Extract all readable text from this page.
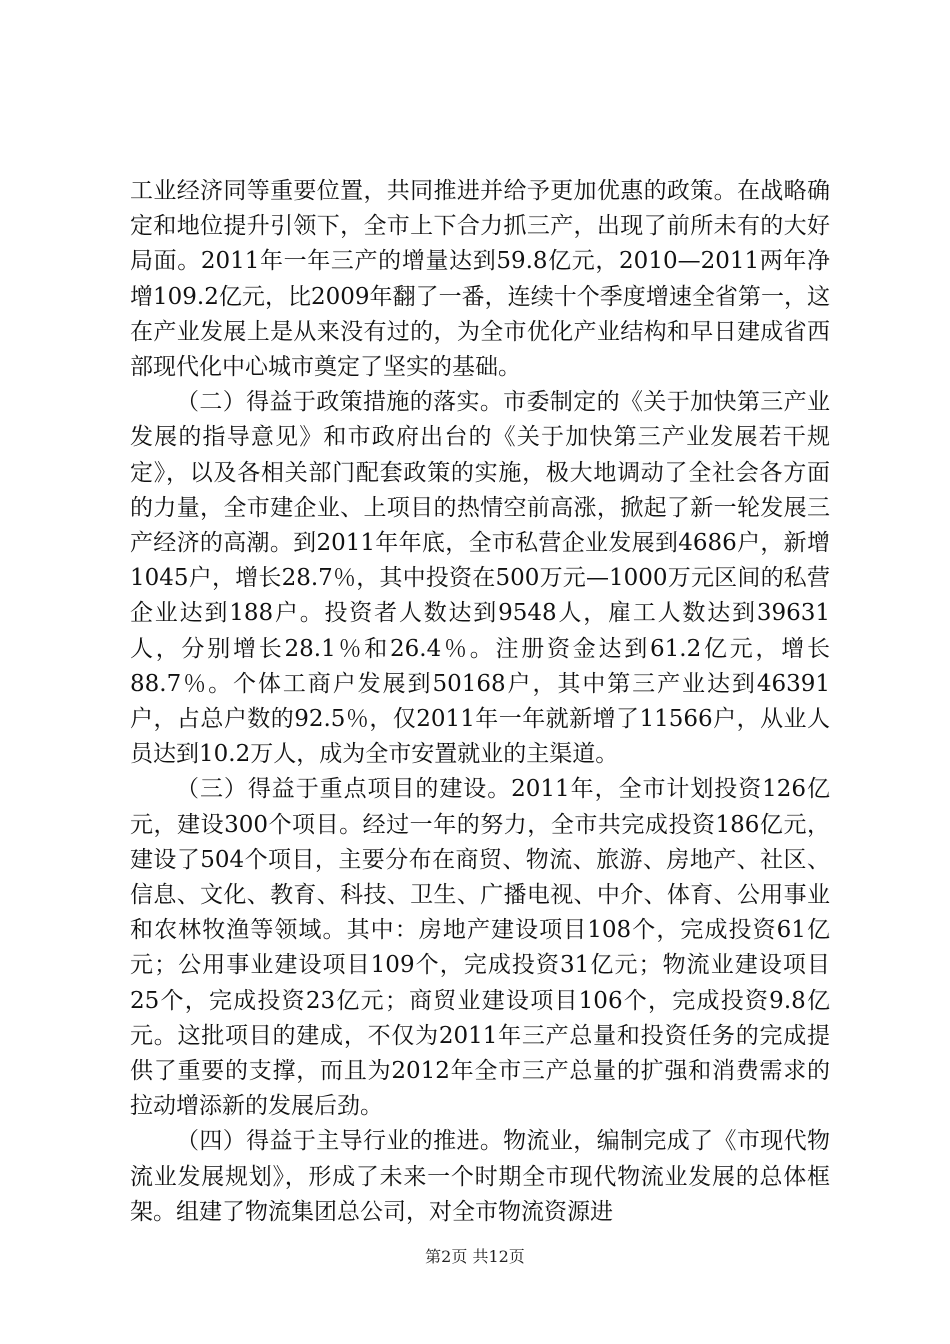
工业经济同等重要位置，共同推进并给予更加优惠的政策。在战略确定和地位提升引领下，全市上下合力抓三产，出现了前所未有的大好局面。2011年一年三产的增量达到59.8亿元，2010—2011两年净增109.2亿元，比2009年翻了一番，连续十个季度增速全省第一，这在产业发展上是从来没有过的，为全市优化产业结构和早日建成省西部现代化中心城市奠定了坚实的基础。

（二）得益于政策措施的落实。市委制定的《关于加快第三产业发展的指导意见》和市政府出台的《关于加快第三产业发展若干规定》，以及各相关部门配套政策的实施，极大地调动了全社会各方面的力量，全市建企业、上项目的热情空前高涨，掀起了新一轮发展三产经济的高潮。到2011年年底，全市私营企业发展到4686户，新增1045户，增长28.7％，其中投资在500万元—1000万元区间的私营企业达到188户。投资者人数达到9548人，雇工人数达到39631人，分别增长28.1％和26.4％。注册资金达到61.2亿元，增长88.7％。个体工商户发展到50168户，其中第三产业达到46391户，占总户数的92.5％，仅2011年一年就新增了11566户，从业人员达到10.2万人，成为全市安置就业的主渠道。

（三）得益于重点项目的建设。2011年，全市计划投资126亿元，建设300个项目。经过一年的努力，全市共完成投资186亿元，建设了504个项目，主要分布在商贸、物流、旅游、房地产、社区、信息、文化、教育、科技、卫生、广播电视、中介、体育、公用事业和农林牧渔等领域。其中：房地产建设项目108个，完成投资61亿元；公用事业建设项目109个，完成投资31亿元；物流业建设项目25个，完成投资23亿元；商贸业建设项目106个，完成投资9.8亿元。这批项目的建成，不仅为2011年三产总量和投资任务的完成提供了重要的支撑，而且为2012年全市三产总量的扩强和消费需求的拉动增添新的发展后劲。

（四）得益于主导行业的推进。物流业，编制完成了《市现代物流业发展规划》，形成了未来一个时期全市现代物流业发展的总体框架。组建了物流集团总公司，对全市物流资源进

第2页 共12页
